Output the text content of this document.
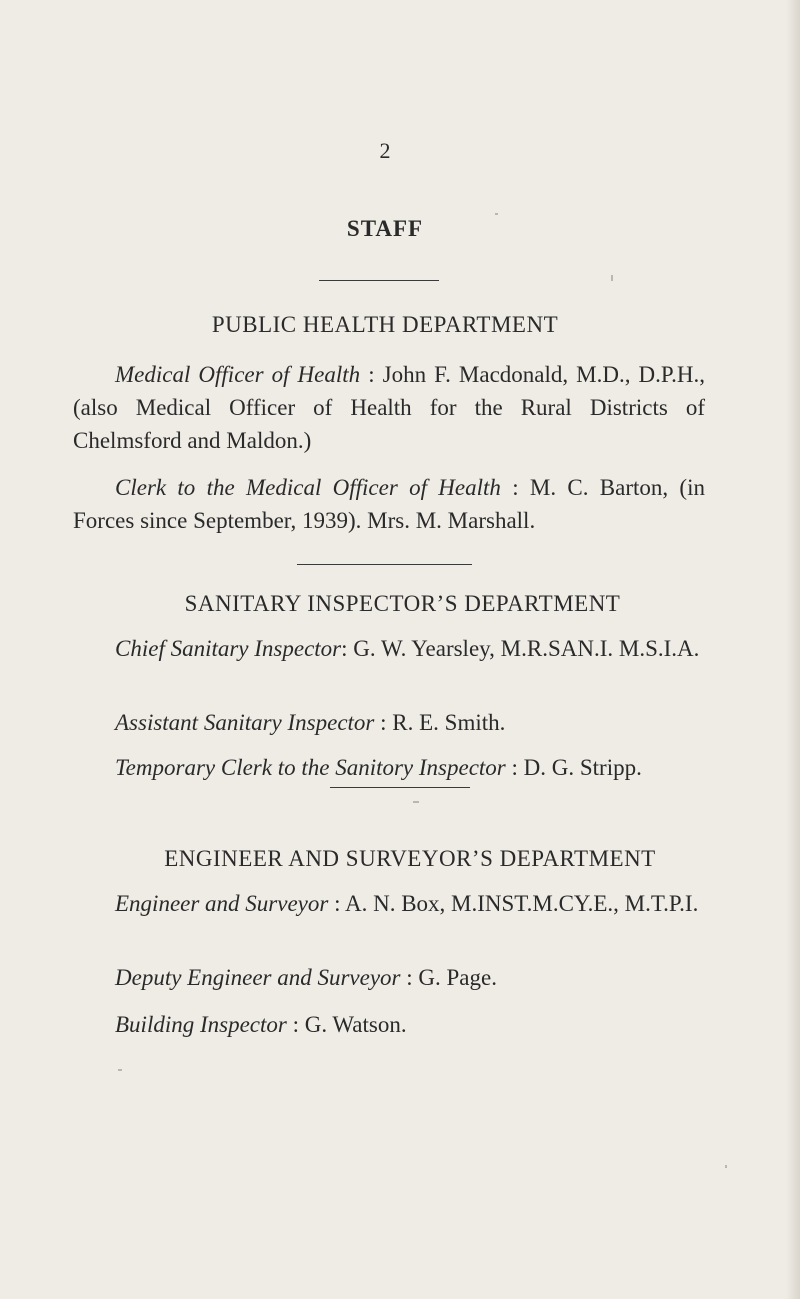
2
STAFF
PUBLIC HEALTH DEPARTMENT

Medical Officer of Health : John F. Macdonald, M.D., D.P.H., (also Medical Officer of Health for the Rural Districts of Chelmsford and Maldon.)

Clerk to the Medical Officer of Health : M. C. Barton, (in Forces since September, 1939). Mrs. M. Marshall.

SANITARY INSPECTOR’S DEPARTMENT

Chief Sanitary Inspector: G. W. Yearsley, M.R.SAN.I. M.S.I.A.

Assistant Sanitary Inspector : R. E. Smith.

Temporary Clerk to the Sanitory Inspector : D. G. Stripp.

ENGINEER AND SURVEYOR’S DEPARTMENT

Engineer and Surveyor : A. N. Box, M.INST.M.CY.E., M.T.P.I.

Deputy Engineer and Surveyor : G. Page.

Building Inspector : G. Watson.
